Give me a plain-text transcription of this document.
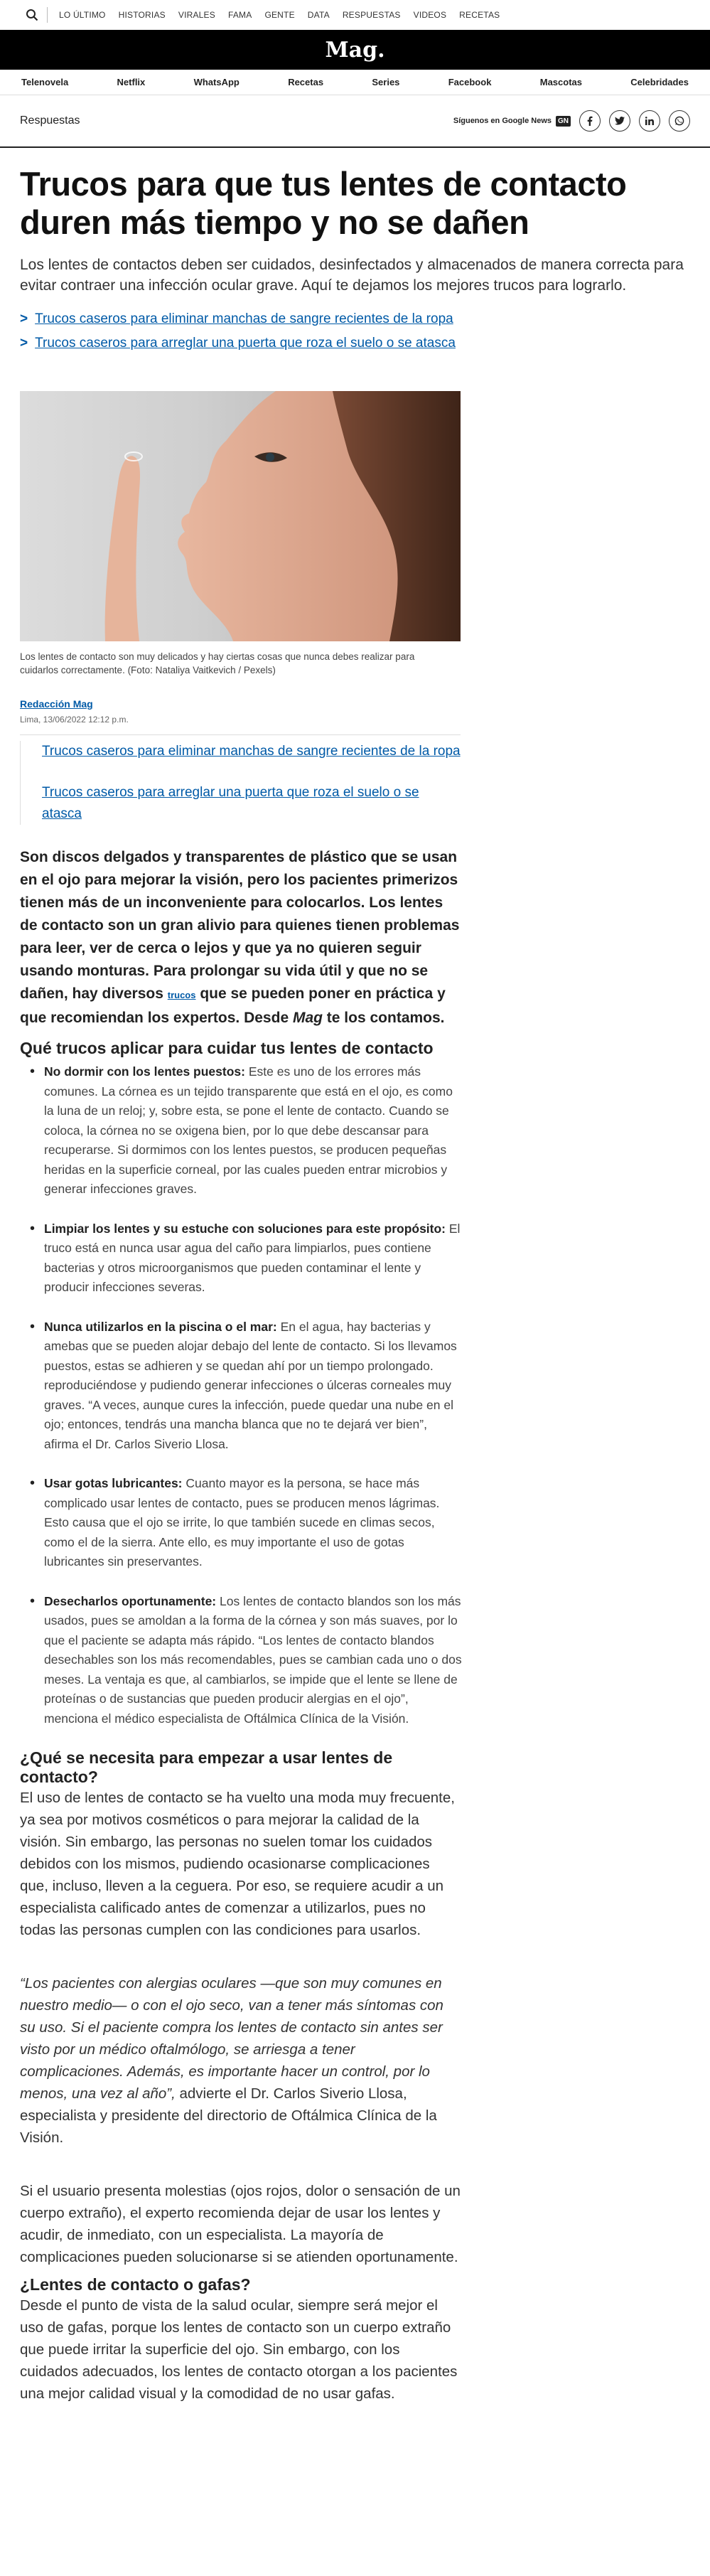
LO ÚLTIMO HISTORIAS VIRALES FAMA GENTE DATA RESPUESTAS VIDEOS RECETAS
Mag.
Telenovela	Netflix	WhatsApp	Recetas	Series	Facebook	Mascotas	Celebridades
Respuestas	Síguenos en Google News GN
Trucos para que tus lentes de contacto duren más tiempo y no se dañen

Los lentes de contactos deben ser cuidados, desinfectados y almacenados de manera correcta para evitar contraer una infección ocular grave. Aquí te dejamos los mejores trucos para lograrlo.

> Trucos caseros para eliminar manchas de sangre recientes de la ropa
> Trucos caseros para arreglar una puerta que roza el suelo o se atasca
Los lentes de contacto son muy delicados y hay ciertas cosas que nunca debes realizar para cuidarlos correctamente. (Foto: Nataliya Vaitkevich / Pexels)
Redacción Mag
Lima, 13/06/2022 12:12 p.m.
Trucos caseros para eliminar manchas de sangre recientes de la ropa
Trucos caseros para arreglar una puerta que roza el suelo o se atasca

Son discos delgados y transparentes de plástico que se usan en el ojo para mejorar la visión, pero los pacientes primerizos tienen más de un inconveniente para colocarlos. Los lentes de contacto son un gran alivio para quienes tienen problemas para leer, ver de cerca o lejos y que ya no quieren seguir usando monturas. Para prolongar su vida útil y que no se dañen, hay diversos trucos que se pueden poner en práctica y que recomiendan los expertos. Desde Mag te los contamos.

Qué trucos aplicar para cuidar tus lentes de contacto
• No dormir con los lentes puestos: Este es uno de los errores más comunes. La córnea es un tejido transparente que está en el ojo, es como la luna de un reloj; y, sobre esta, se pone el lente de contacto. Cuando se coloca, la córnea no se oxigena bien, por lo que debe descansar para recuperarse. Si dormimos con los lentes puestos, se producen pequeñas heridas en la superficie corneal, por las cuales pueden entrar microbios y generar infecciones graves.
• Limpiar los lentes y su estuche con soluciones para este propósito: El truco está en nunca usar agua del caño para limpiarlos, pues contiene bacterias y otros microorganismos que pueden contaminar el lente y producir infecciones severas.
• Nunca utilizarlos en la piscina o el mar: En el agua, hay bacterias y amebas que se pueden alojar debajo del lente de contacto. Si los llevamos puestos, estas se adhieren y se quedan ahí por un tiempo prolongado. reproduciéndose y pudiendo generar infecciones o úlceras corneales muy graves. “A veces, aunque cures la infección, puede quedar una nube en el ojo; entonces, tendrás una mancha blanca que no te dejará ver bien”, afirma el Dr. Carlos Siverio Llosa.
• Usar gotas lubricantes: Cuanto mayor es la persona, se hace más complicado usar lentes de contacto, pues se producen menos lágrimas. Esto causa que el ojo se irrite, lo que también sucede en climas secos, como el de la sierra. Ante ello, es muy importante el uso de gotas lubricantes sin preservantes.
• Desecharlos oportunamente: Los lentes de contacto blandos son los más usados, pues se amoldan a la forma de la córnea y son más suaves, por lo que el paciente se adapta más rápido. “Los lentes de contacto blandos desechables son los más recomendables, pues se cambian cada uno o dos meses. La ventaja es que, al cambiarlos, se impide que el lente se llene de proteínas o de sustancias que pueden producir alergias en el ojo”, menciona el médico especialista de Oftálmica Clínica de la Visión.
¿Qué se necesita para empezar a usar lentes de contacto?

El uso de lentes de contacto se ha vuelto una moda muy frecuente, ya sea por motivos cosméticos o para mejorar la calidad de la visión. Sin embargo, las personas no suelen tomar los cuidados debidos con los mismos, pudiendo ocasionarse complicaciones que, incluso, lleven a la ceguera. Por eso, se requiere acudir a un especialista calificado antes de comenzar a utilizarlos, pues no todas las personas cumplen con las condiciones para usarlos.

“Los pacientes con alergias oculares —que son muy comunes en nuestro medio— o con el ojo seco, van a tener más síntomas con su uso. Si el paciente compra los lentes de contacto sin antes ser visto por un médico oftalmólogo, se arriesga a tener complicaciones. Además, es importante hacer un control, por lo menos, una vez al año”, advierte el Dr. Carlos Siverio Llosa, especialista y presidente del directorio de Oftálmica Clínica de la Visión.

Si el usuario presenta molestias (ojos rojos, dolor o sensación de un cuerpo extraño), el experto recomienda dejar de usar los lentes y acudir, de inmediato, con un especialista. La mayoría de complicaciones pueden solucionarse si se atienden oportunamente.

¿Lentes de contacto o gafas?

Desde el punto de vista de la salud ocular, siempre será mejor el uso de gafas, porque los lentes de contacto son un cuerpo extraño que puede irritar la superficie del ojo. Sin embargo, con los cuidados adecuados, los lentes de contacto otorgan a los pacientes una mejor calidad visual y la comodidad de no usar gafas.
